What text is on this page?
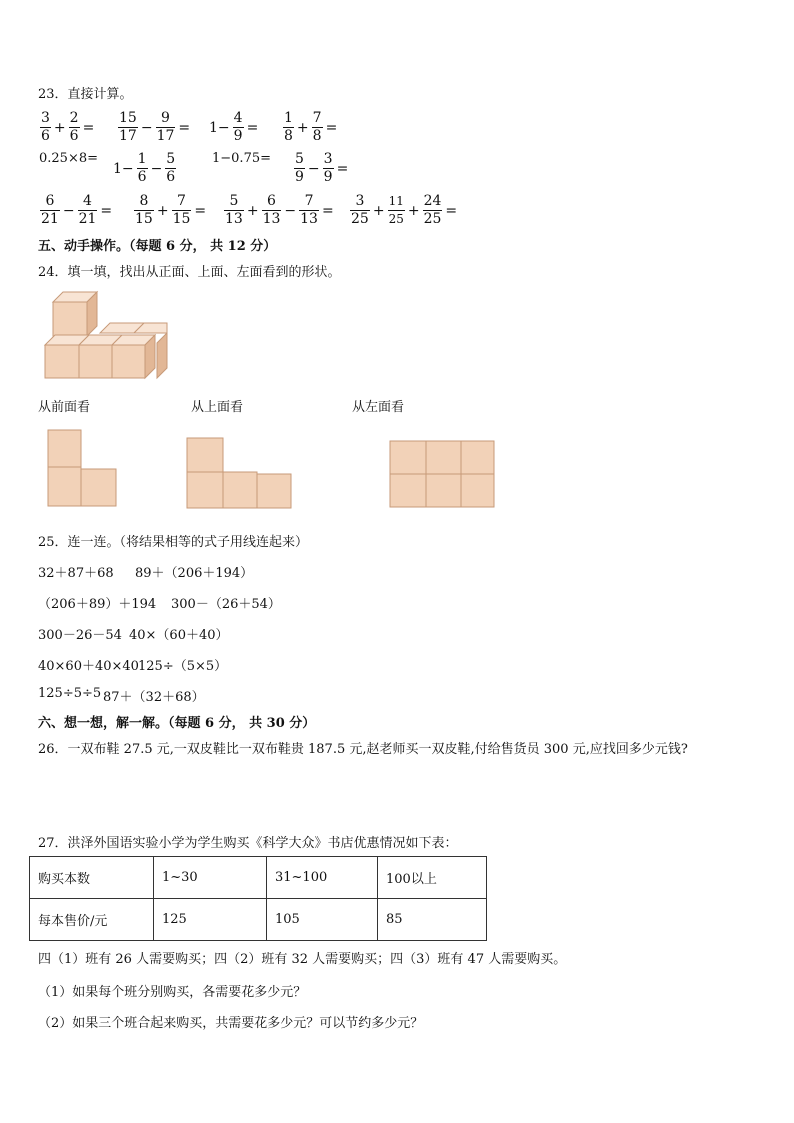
23．直接计算。
$\frac{3}{6} + \frac{2}{6} = \frac{15}{17} - \frac{9}{17} = 1- \frac{4}{9} = \frac{1}{8} + \frac{7}{8}$ =
0.25×8=
$1- \frac{1}{6} - \frac{5}{6}$	$1-0.75= \frac{5}{9} - \frac{3}{9}$ =
$\frac{6}{21} - \frac{4}{21} = \frac{8}{15} + \frac{7}{15} = \frac{5}{13} + \frac{6}{13} - \frac{7}{13} = \frac{3}{25} + \frac{11}{25} + \frac{24}{25}$ =
五、动手操作。（每题 6 分， 共 12 分）
24．填一填，找出从正面、上面、左面看到的形状。
从前面看	从上面看	从左面看
25．连一连。（将结果相等的式子用线连起来）
32＋87＋68 89＋（206＋194）
（206＋89）＋194 300－（26＋54）
300－26－54 40×（60＋40）
40×60＋40×40 125÷（5×5）
125÷5÷5 87＋（32＋68）
六、想一想，解一解。（每题 6 分， 共 30 分）
26．一双布鞋 27.5 元,一双皮鞋比一双布鞋贵 187.5 元,赵老师买一双皮鞋,付给售货员 300 元,应找回多少元钱?
27．洪泽外国语实验小学为学生购买《科学大众》书店优惠情况如下表：
购买本数	1~30	31~100	100以上
每本售价/元	125	105	85
四（1）班有 26 人需要购买；四（2）班有 32 人需要购买；四（3）班有 47 人需要购买。
（1）如果每个班分别购买，各需要花多少元？
（2）如果三个班合起来购买，共需要花多少元？可以节约多少元？
